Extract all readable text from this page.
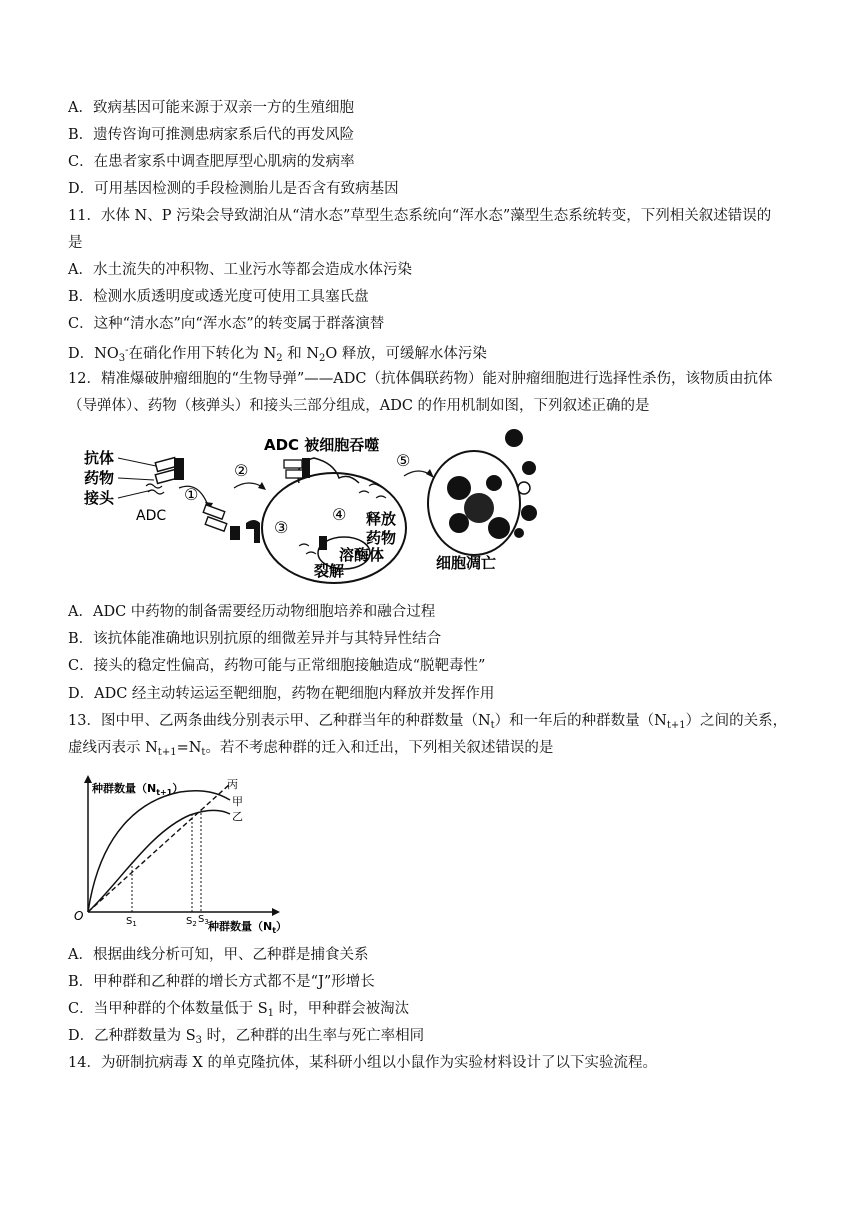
A．致病基因可能来源于双亲一方的生殖细胞
B．遗传咨询可推测患病家系后代的再发风险
C．在患者家系中调查肥厚型心肌病的发病率
D．可用基因检测的手段检测胎儿是否含有致病基因
11．水体 N、P 污染会导致湖泊从“清水态”草型生态系统向“浑水态”藻型生态系统转变，下列相关叙述错误的
是
A．水土流失的冲积物、工业污水等都会造成水体污染
B．检测水质透明度或透光度可使用工具塞氏盘
C．这种“清水态”向“浑水态”的转变属于群落演替
D．$NO_3^-$在硝化作用下转化为 $N_2$ 和 $N_2O$ 释放，可缓解水体污染
12．精准爆破肿瘤细胞的“生物导弹”——ADC（抗体偶联药物）能对肿瘤细胞进行选择性杀伤，该物质由抗体
（导弹体）、药物（核弹头）和接头三部分组成，ADC 的作用机制如图，下列叙述正确的是
抗体
药物
接头
ADC
①
②
ADC 被细胞吞噬
③
④ 释放
药物
溶酶体
裂解
⑤
细胞凋亡
A．ADC 中药物的制备需要经历动物细胞培养和融合过程
B．该抗体能准确地识别抗原的细微差异并与其特异性结合
C．接头的稳定性偏高，药物可能与正常细胞接触造成“脱靶毒性”
D．ADC 经主动转运运至靶细胞，药物在靶细胞内释放并发挥作用
13．图中甲、乙两条曲线分别表示甲、乙种群当年的种群数量$(N_t)$和一年后的种群数量$(N_{t+1})$之间的关系，
虚线丙表示 $N_{t+1}=N_t$。若不考虑种群的迁入和迁出，下列相关叙述错误的是
种群数量$(N_{t+1})$
O
丙
甲
乙
$S_1$	$S_2$ $S_3$ 种群数量$(N_t)$
A．根据曲线分析可知，甲、乙种群是捕食关系
B．甲种群和乙种群的增长方式都不是“J”形增长
C．当甲种群的个体数量低于 $S_1$ 时，甲种群会被淘汰
D．乙种群数量为 $S_3$ 时，乙种群的出生率与死亡率相同
14．为研制抗病毒 X 的单克隆抗体，某科研小组以小鼠作为实验材料设计了以下实验流程。
